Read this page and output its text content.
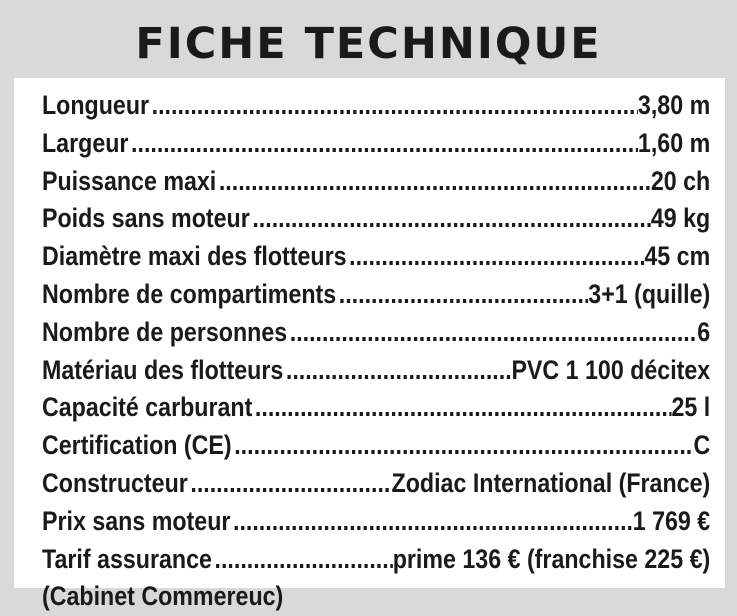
FICHE TECHNIQUE
Longueur .....	3,80 m
Largeur .....	1,60 m
Puissance maxi .....	20 ch
Poids sans moteur .....	49 kg
Diamètre maxi des flotteurs .....	45 cm
Nombre de compartiments .....	3+1 (quille)
Nombre de personnes .....	6
Matériau des flotteurs .....	PVC 1 100 décitex
Capacité carburant .....	25 l
Certification (CE) .....	C
Constructeur .....	Zodiac International (France)
Prix sans moteur .....	1 769 €
Tarif assurance .....	prime 136 € (franchise 225 €)
(Cabinet Commereuc)
